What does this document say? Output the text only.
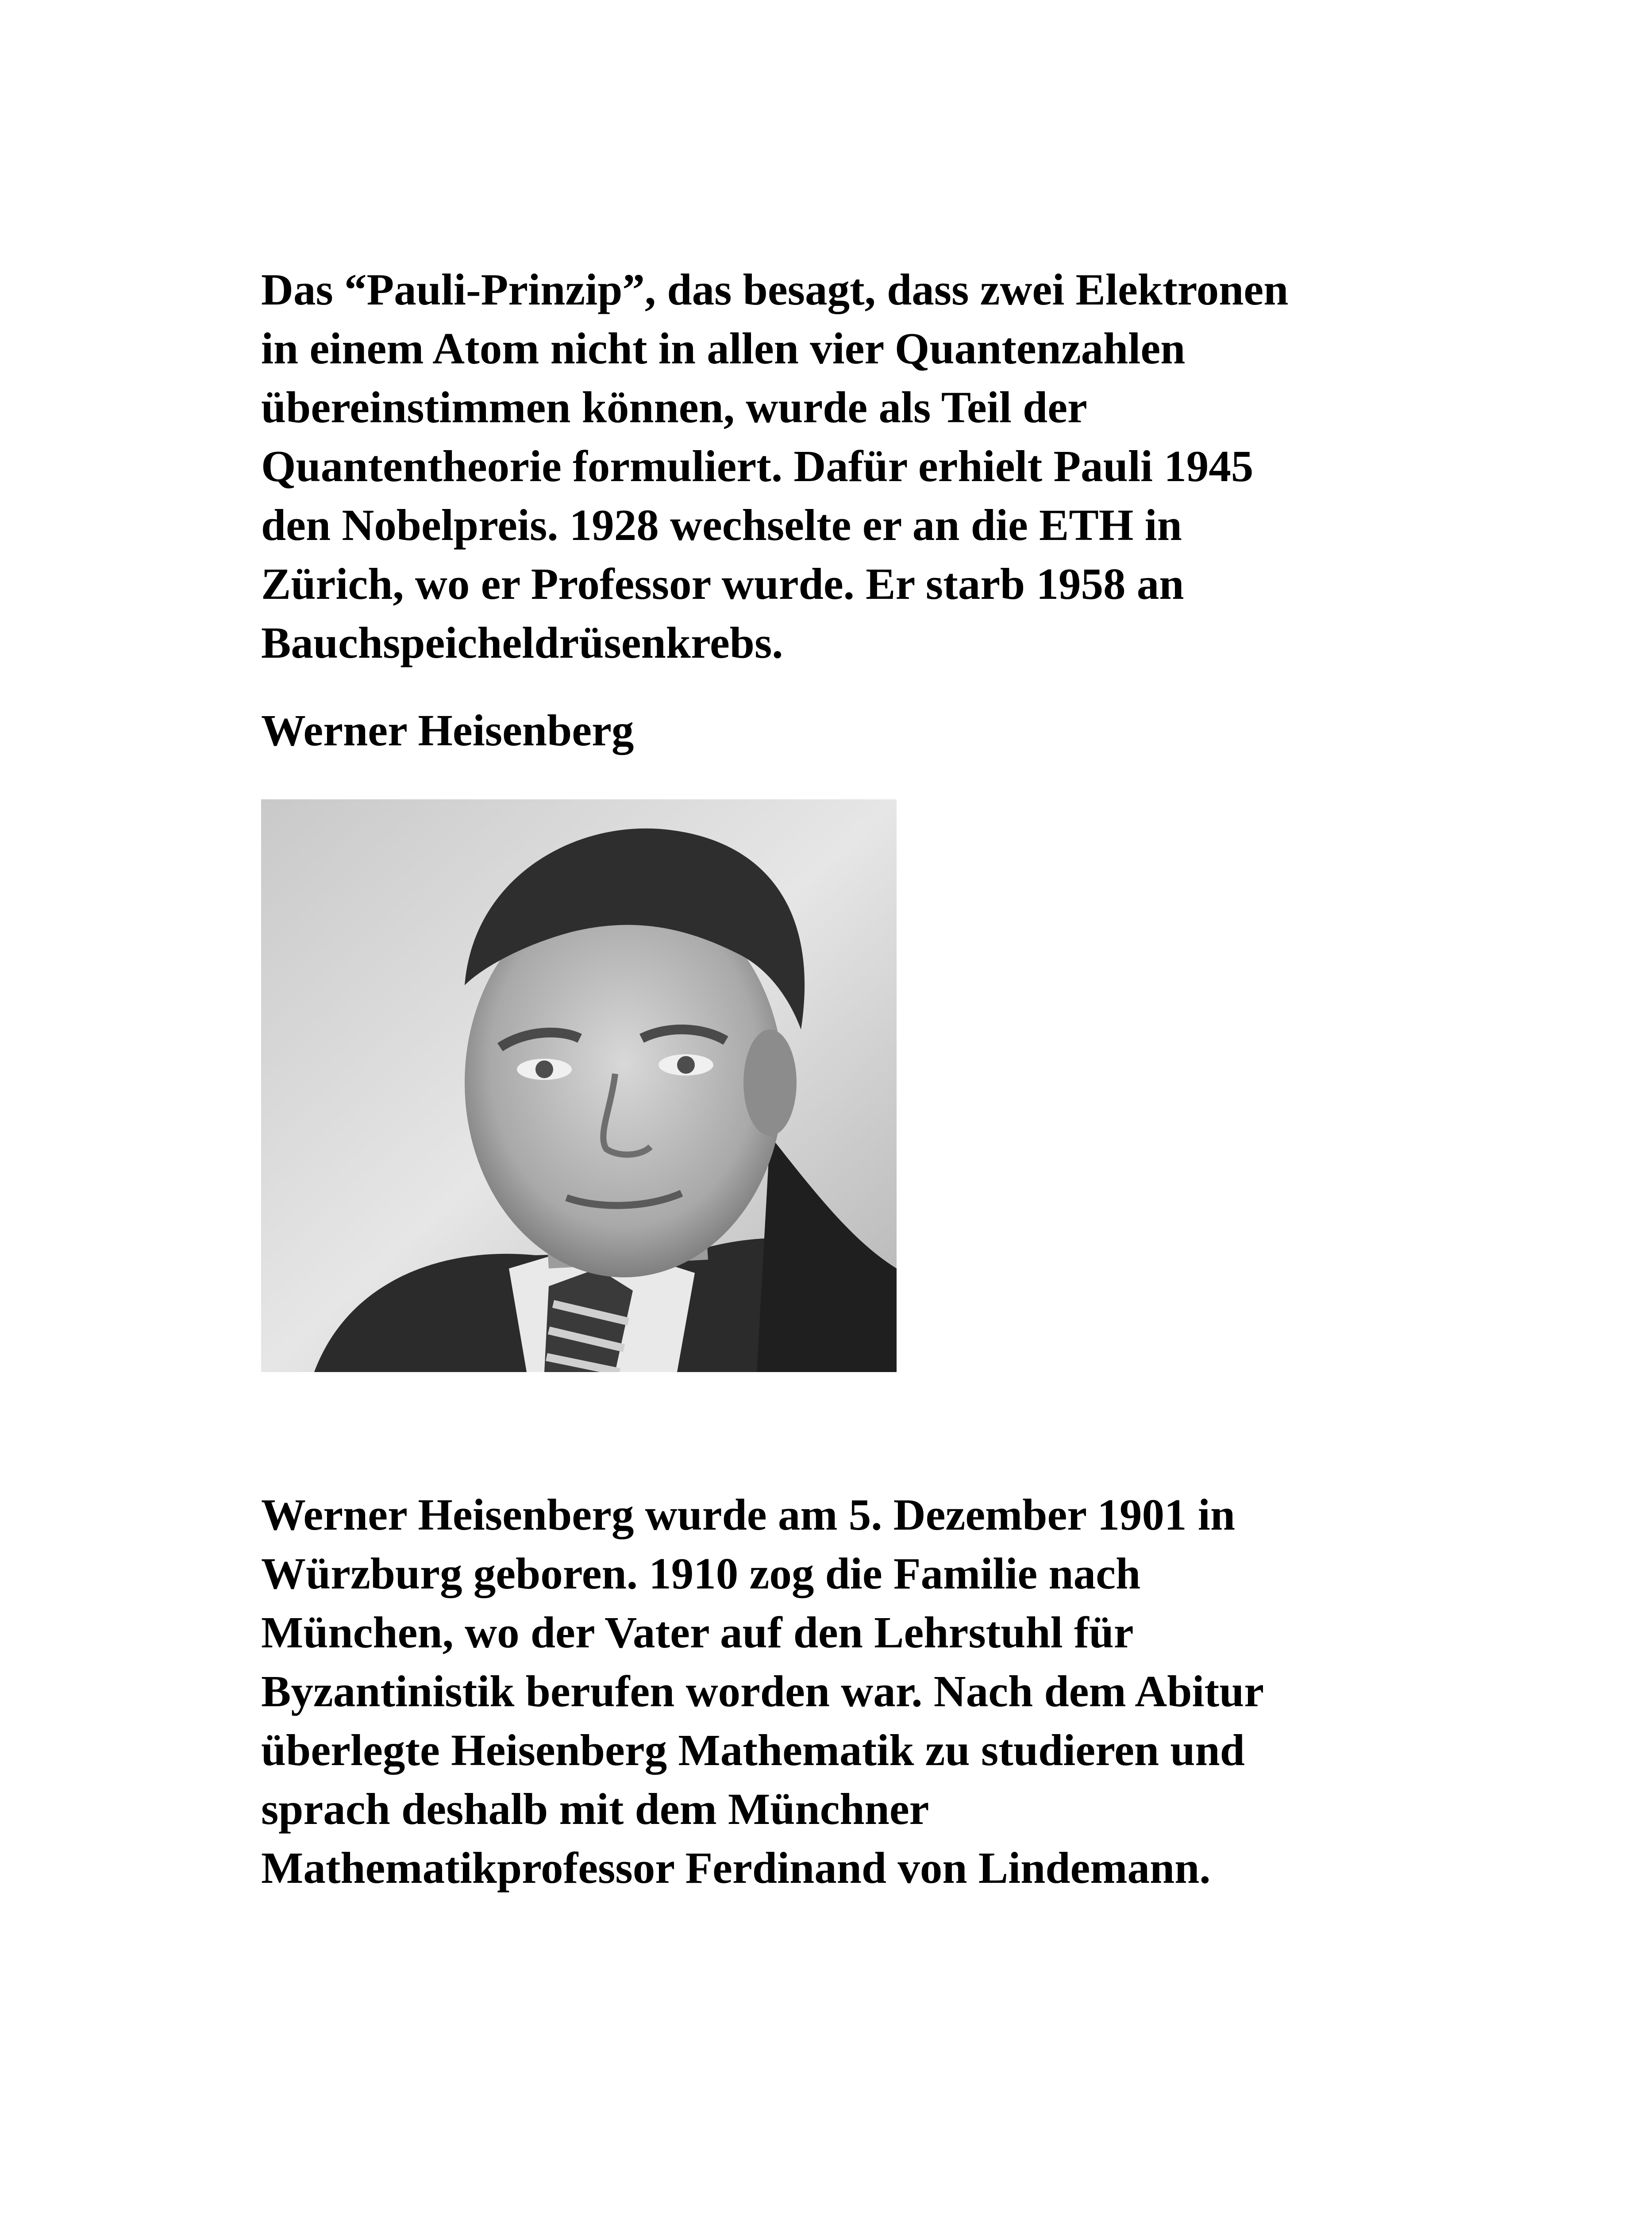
Das “Pauli-Prinzip”, das besagt, dass zwei Elektronen
in einem Atom nicht in allen vier Quantenzahlen
übereinstimmen können, wurde als Teil der
Quantentheorie formuliert. Dafür erhielt Pauli 1945
den Nobelpreis. 1928 wechselte er an die ETH in
Zürich, wo er Professor wurde. Er starb 1958 an
Bauchspeicheldrüsenkrebs.

Werner Heisenberg

Werner Heisenberg wurde am 5. Dezember 1901 in
Würzburg geboren. 1910 zog die Familie nach
München, wo der Vater auf den Lehrstuhl für
Byzantinistik berufen worden war. Nach dem Abitur
überlegte Heisenberg Mathematik zu studieren und
sprach deshalb mit dem Münchner
Mathematikprofessor Ferdinand von Lindemann.
